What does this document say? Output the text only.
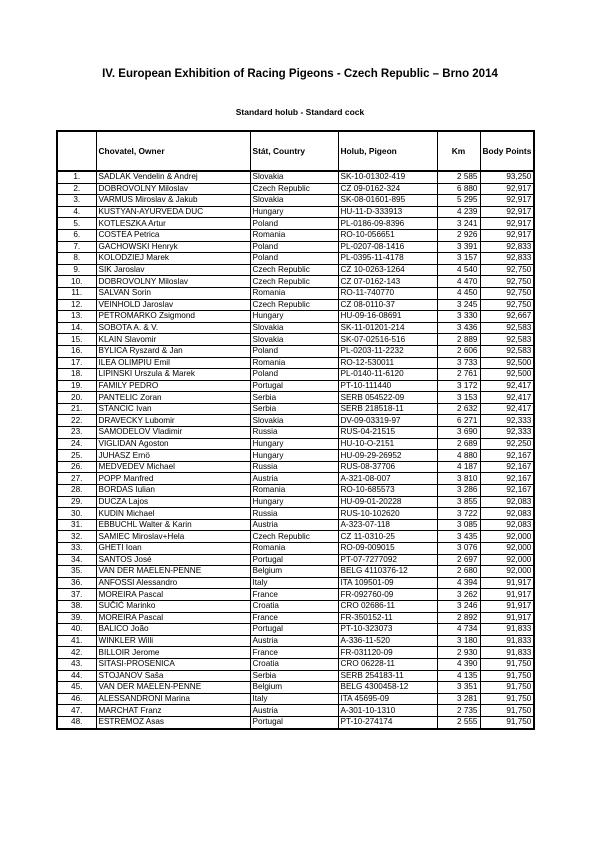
IV. European Exhibition of Racing Pigeons - Czech Republic – Brno 2014
Standard holub - Standard cock
	Chovatel, Owner	Stát, Country	Holub, Pigeon	Km	Body Points
1.	SADLAK Vendelin & Andrej	Slovakia	SK-10-01302-419	2 585	93,250
2.	DOBROVOLNY Miloslav	Czech Republic	CZ 09-0162-324	6 880	92,917
3.	VARMUS Miroslav & Jakub	Slovakia	SK-08-01601-895	5 295	92,917
4.	KUSTYAN-AYURVEDA DUC	Hungary	HU-11-D-333913	4 239	92,917
5.	KOTLESZKA Artur	Poland	PL-0186-09-8396	3 241	92,917
6.	COSTEA Petrica	Romania	RO-10-056651	2 926	92,917
7.	GACHOWSKI Henryk	Poland	PL-0207-08-1416	3 391	92,833
8.	KOLODZIEJ Marek	Poland	PL-0395-11-4178	3 157	92,833
9.	SIK Jaroslav	Czech Republic	CZ 10-0263-1264	4 540	92,750
10.	DOBROVOLNY Miloslav	Czech Republic	CZ 07-0162-143	4 470	92,750
11.	SALVAN Sorin	Romania	RO-11-740770	4 450	92,750
12.	VEINHOLD Jaroslav	Czech Republic	CZ 08-0110-37	3 245	92,750
13.	PETROMARKO Zsigmond	Hungary	HU-09-16-08691	3 330	92,667
14.	SOBOTA A. & V.	Slovakia	SK-11-01201-214	3 436	92,583
15.	KLAIN Slavomir	Slovakia	SK-07-02516-516	2 889	92,583
16.	BYLICA Ryszard & Jan	Poland	PL-0203-11-2232	2 606	92,583
17.	ILEA OLIMPIU Emil	Romania	RO-12-530011	3 733	92,500
18.	LIPINSKI Urszula & Marek	Poland	PL-0140-11-6120	2 761	92,500
19.	FAMILY PEDRO	Portugal	PT-10-111440	3 172	92,417
20.	PANTELIC Zoran	Serbia	SERB 054522-09	3 153	92,417
21.	STANCIC Ivan	Serbia	SERB 218518-11	2 632	92,417
22.	DRAVECKY Lubomir	Slovakia	DV-09-03319-97	6 271	92,333
23.	SAMODELOV Vladimir	Russia	RUS-04-21515	3 690	92,333
24.	VIGLIDAN Agoston	Hungary	HU-10-O-2151	2 689	92,250
25.	JUHASZ Ernö	Hungary	HU-09-29-26952	4 880	92,167
26.	MEDVEDEV Michael	Russia	RUS-08-37706	4 187	92,167
27.	POPP Manfred	Austria	A-321-08-007	3 810	92,167
28.	BORDAS Iulian	Romania	RO-10-685573	3 286	92,167
29.	DUCZA Lajos	Hungary	HU-09-01-20228	3 855	92,083
30.	KUDIN Michael	Russia	RUS-10-102620	3 722	92,083
31.	EBBUCHL Walter & Karin	Austria	A-323-07-118	3 085	92,083
32.	SAMIEC Miroslav+Hela	Czech Republic	CZ 11-0310-25	3 435	92,000
33.	GHETI Ioan	Romania	RO-09-009015	3 076	92,000
34.	SANTOS José	Portugal	PT-07-7277092	2 697	92,000
35.	VAN DER MAELEN-PENNE	Belgium	BELG 4110376-12	2 680	92,000
36.	ANFOSSI Alessandro	Italy	ITA 109501-09	4 394	91,917
37.	MOREIRA Pascal	France	FR-092760-09	3 262	91,917
38.	SUČIĆ Marinko	Croatia	CRO 02686-11	3 246	91,917
39.	MOREIRA Pascal	France	FR-350152-11	2 892	91,917
40.	BALICO João	Portugal	PT-10-323073	4 734	91,833
41.	WINKLER Willi	Austria	A-336-11-520	3 180	91,833
42.	BILLOIR Jerome	France	FR-031120-09	2 930	91,833
43.	SITASI-PROSENICA	Croatia	CRO 06228-11	4 390	91,750
44.	STOJANOV Saša	Serbia	SERB 254183-11	4 135	91,750
45.	VAN DER MAELEN-PENNE	Belgium	BELG 4300458-12	3 351	91,750
46.	ALESSANDRONI Marina	Italy	ITA 45695-09	3 281	91,750
47.	MARCHAT Franz	Austria	A-301-10-1310	2 735	91,750
48.	ESTREMOZ Asas	Portugal	PT-10-274174	2 555	91,750
